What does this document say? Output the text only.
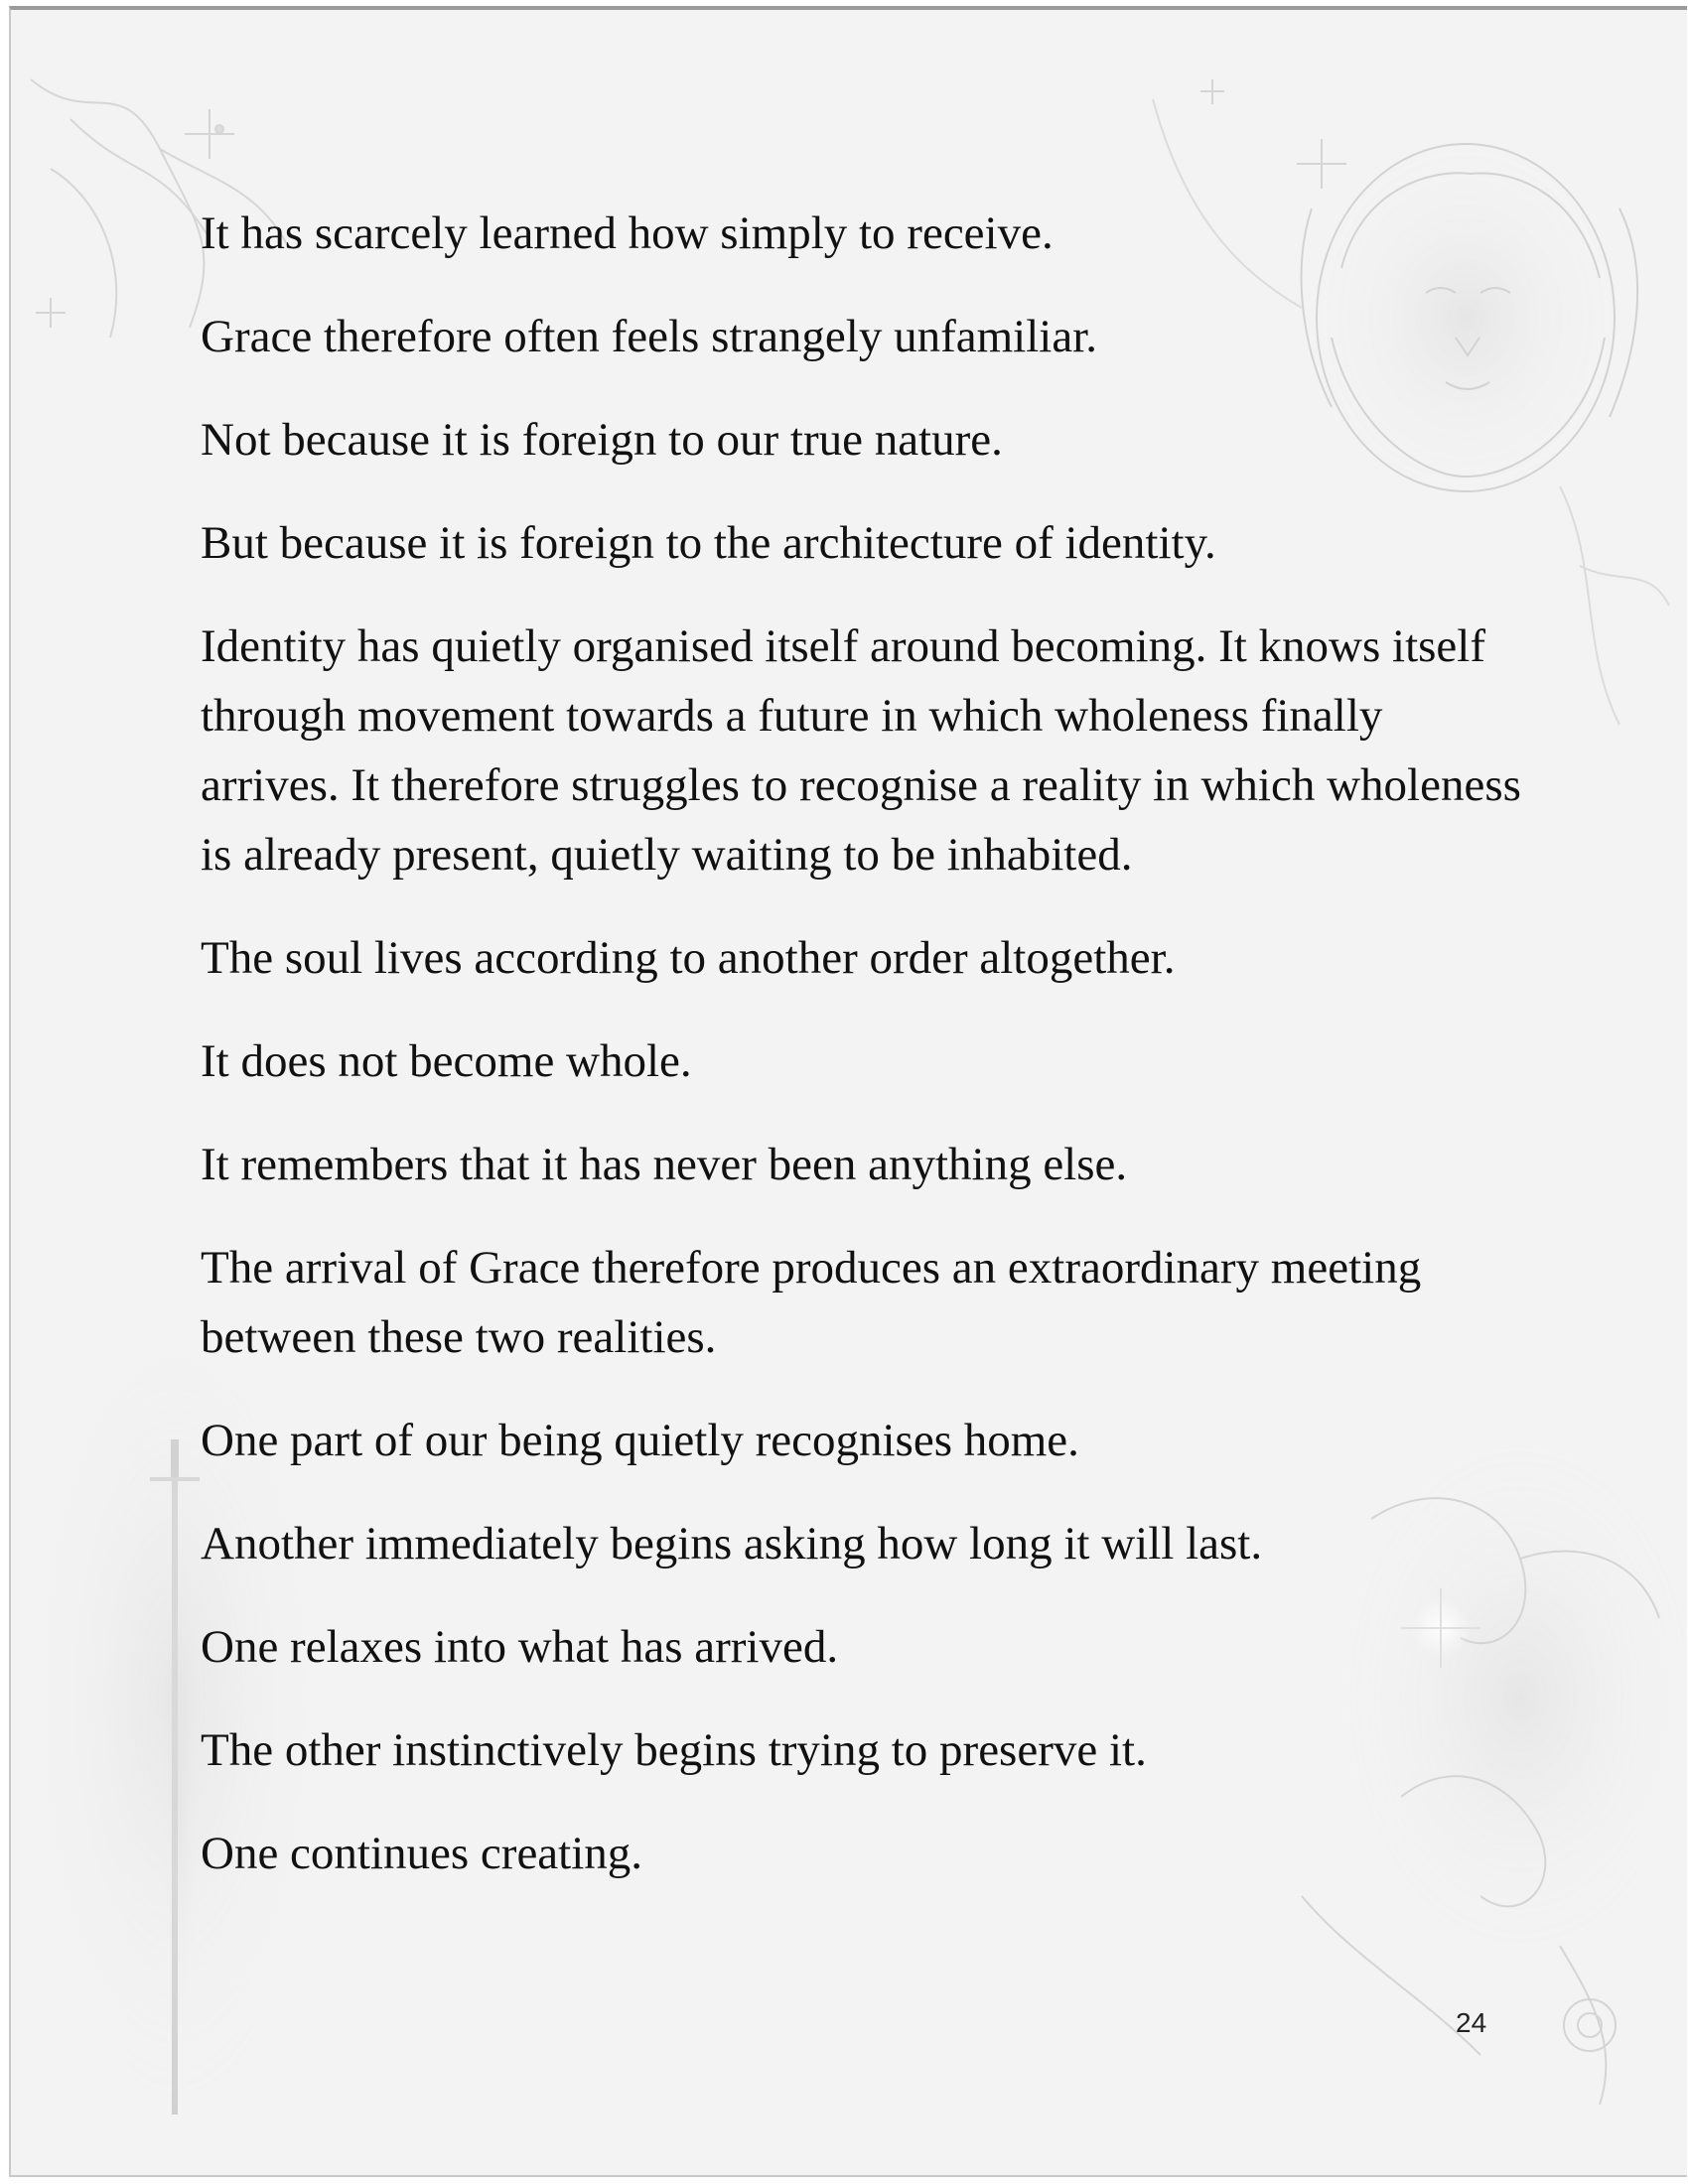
It has scarcely learned how simply to receive.

Grace therefore often feels strangely unfamiliar.

Not because it is foreign to our true nature.

But because it is foreign to the architecture of identity.

Identity has quietly organised itself around becoming. It knows itself through movement towards a future in which wholeness finally arrives. It therefore struggles to recognise a reality in which wholeness is already present, quietly waiting to be inhabited.

The soul lives according to another order altogether.

It does not become whole.

It remembers that it has never been anything else.

The arrival of Grace therefore produces an extraordinary meeting between these two realities.

One part of our being quietly recognises home.

Another immediately begins asking how long it will last.

One relaxes into what has arrived.

The other instinctively begins trying to preserve it.

One continues creating.

24
